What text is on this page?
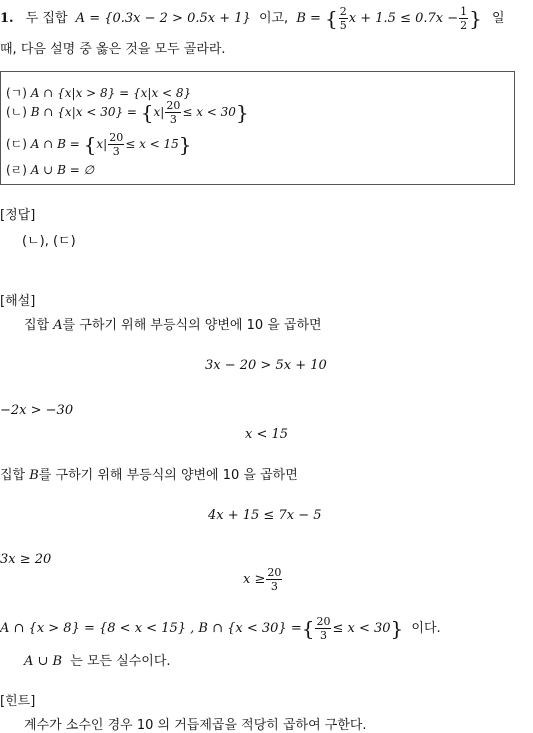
1. 두 집합 A = {0.3x − 2 > 0.5x + 1} 이고, B = { $\frac{2}{5}$ $x + 1.5 \le 0.7x - \frac{1}{2}$ } 일
때, 다음 설명 중 옳은 것을 모두 골라라.
(ㄱ) A ∩ {x|x > 8} = {x|x < 8}
(ㄴ) B ∩ $\{x|x < 30\} = \{x| \frac{20}{3} \le x < 30\}$
(ㄷ) A ∩ $B = \{x| \frac{20}{3} \le x < 15\}$
(ㄹ) A ∪ B = ∅
[정답]
(ㄴ), (ㄷ)
[해설]
집합 A를 구하기 위해 부등식의 양변에 10 을 곱하면
3x − 20 > 5x + 10
−2x > −30
x < 15
집합 B를 구하기 위해 부등식의 양변에 10 을 곱하면
4x + 15 ≤ 7x − 5
3x ≥ 20
$x \ge \frac{20}{3}$
A ∩ {x > 8} = {8 < x < 15} , B ∩ {x < 30} ={ $\frac{20}{3} \le x < 30$} 이다.
A ∪ B 는 모든 실수이다.
[힌트]
계수가 소수인 경우 10 의 거듭제곱을 적당히 곱하여 구한다.
